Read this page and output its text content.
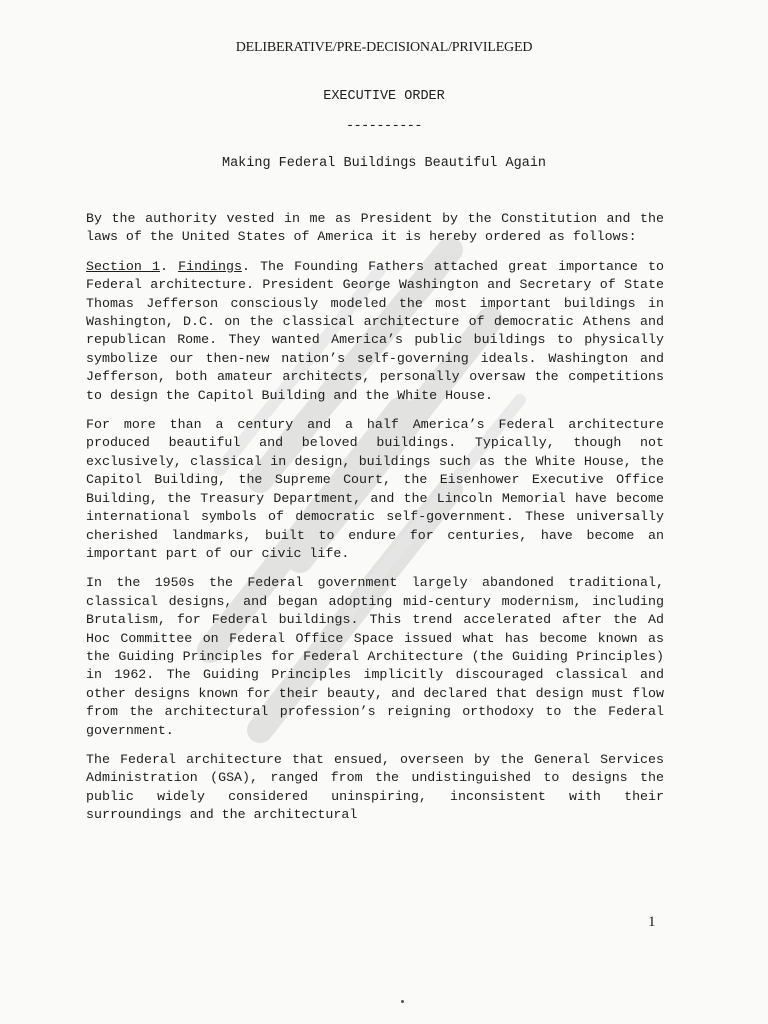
DELIBERATIVE/PRE-DECISIONAL/PRIVILEGED
EXECUTIVE ORDER
----------
Making Federal Buildings Beautiful Again

By the authority vested in me as President by the Constitution and the laws of the United States of America it is hereby ordered as follows:

Section 1. Findings. The Founding Fathers attached great importance to Federal architecture. President George Washington and Secretary of State Thomas Jefferson consciously modeled the most important buildings in Washington, D.C. on the classical architecture of democratic Athens and republican Rome. They wanted America’s public buildings to physically symbolize our then-new nation’s self-governing ideals. Washington and Jefferson, both amateur architects, personally oversaw the competitions to design the Capitol Building and the White House.

For more than a century and a half America’s Federal architecture produced beautiful and beloved buildings. Typically, though not exclusively, classical in design, buildings such as the White House, the Capitol Building, the Supreme Court, the Eisenhower Executive Office Building, the Treasury Department, and the Lincoln Memorial have become international symbols of democratic self-government. These universally cherished landmarks, built to endure for centuries, have become an important part of our civic life.

In the 1950s the Federal government largely abandoned traditional, classical designs, and began adopting mid-century modernism, including Brutalism, for Federal buildings. This trend accelerated after the Ad Hoc Committee on Federal Office Space issued what has become known as the Guiding Principles for Federal Architecture (the Guiding Principles) in 1962. The Guiding Principles implicitly discouraged classical and other designs known for their beauty, and declared that design must flow from the architectural profession’s reigning orthodoxy to the Federal government.

The Federal architecture that ensued, overseen by the General Services Administration (GSA), ranged from the undistinguished to designs the public widely considered uninspiring, inconsistent with their surroundings and the architectural

1
